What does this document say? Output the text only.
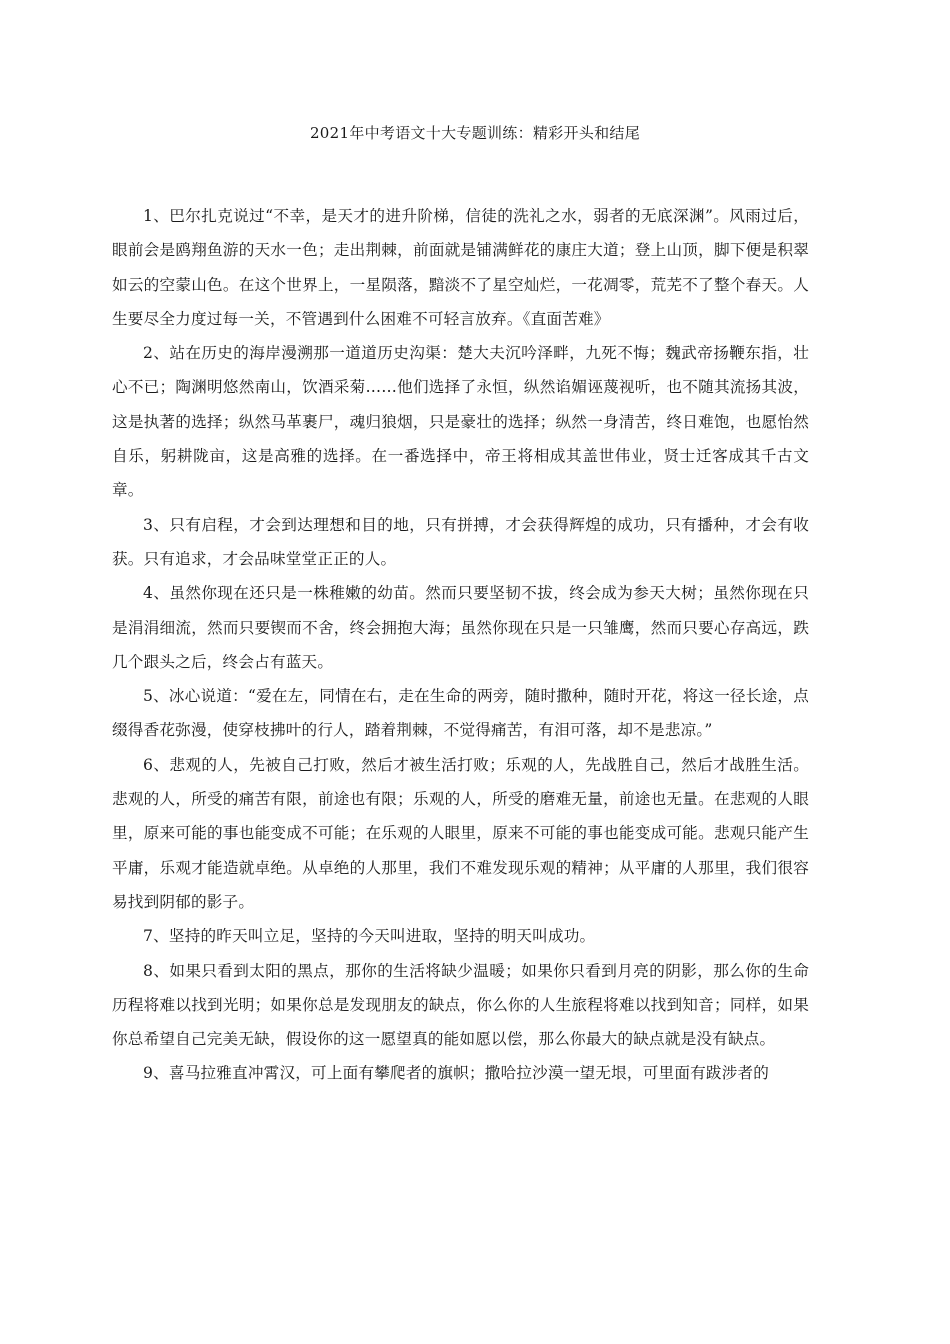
2021年中考语文十大专题训练：精彩开头和结尾

1、巴尔扎克说过“不幸，是天才的进升阶梯，信徒的洗礼之水，弱者的无底深渊”。风雨过后，眼前会是鸥翔鱼游的天水一色；走出荆棘，前面就是铺满鲜花的康庄大道；登上山顶，脚下便是积翠如云的空蒙山色。在这个世界上，一星陨落，黯淡不了星空灿烂，一花凋零，荒芜不了整个春天。人生要尽全力度过每一关，不管遇到什么困难不可轻言放弃。《直面苦难》

2、站在历史的海岸漫溯那一道道历史沟渠：楚大夫沉吟泽畔，九死不悔；魏武帝扬鞭东指，壮心不已；陶渊明悠然南山，饮酒采菊……他们选择了永恒，纵然谄媚诬蔑视听，也不随其流扬其波，这是执著的选择；纵然马革裹尸，魂归狼烟，只是豪壮的选择；纵然一身清苦，终日难饱，也愿怡然自乐，躬耕陇亩，这是高雅的选择。在一番选择中，帝王将相成其盖世伟业，贤士迁客成其千古文章。

3、只有启程，才会到达理想和目的地，只有拼搏，才会获得辉煌的成功，只有播种，才会有收获。只有追求，才会品味堂堂正正的人。

4、虽然你现在还只是一株稚嫩的幼苗。然而只要坚韧不拔，终会成为参天大树；虽然你现在只是涓涓细流，然而只要锲而不舍，终会拥抱大海；虽然你现在只是一只雏鹰，然而只要心存高远，跌几个跟头之后，终会占有蓝天。

5、冰心说道：“爱在左，同情在右，走在生命的两旁，随时撒种，随时开花，将这一径长途，点缀得香花弥漫，使穿枝拂叶的行人，踏着荆棘，不觉得痛苦，有泪可落，却不是悲凉。”

6、悲观的人，先被自己打败，然后才被生活打败；乐观的人，先战胜自己，然后才战胜生活。悲观的人，所受的痛苦有限，前途也有限；乐观的人，所受的磨难无量，前途也无量。在悲观的人眼里，原来可能的事也能变成不可能；在乐观的人眼里，原来不可能的事也能变成可能。悲观只能产生平庸，乐观才能造就卓绝。从卓绝的人那里，我们不难发现乐观的精神；从平庸的人那里，我们很容易找到阴郁的影子。

7、坚持的昨天叫立足，坚持的今天叫进取，坚持的明天叫成功。

8、如果只看到太阳的黑点，那你的生活将缺少温暖；如果你只看到月亮的阴影，那么你的生命历程将难以找到光明；如果你总是发现朋友的缺点，你么你的人生旅程将难以找到知音；同样，如果你总希望自己完美无缺，假设你的这一愿望真的能如愿以偿，那么你最大的缺点就是没有缺点。

9、喜马拉雅直冲霄汉，可上面有攀爬者的旗帜；撒哈拉沙漠一望无垠，可里面有跋涉者的
